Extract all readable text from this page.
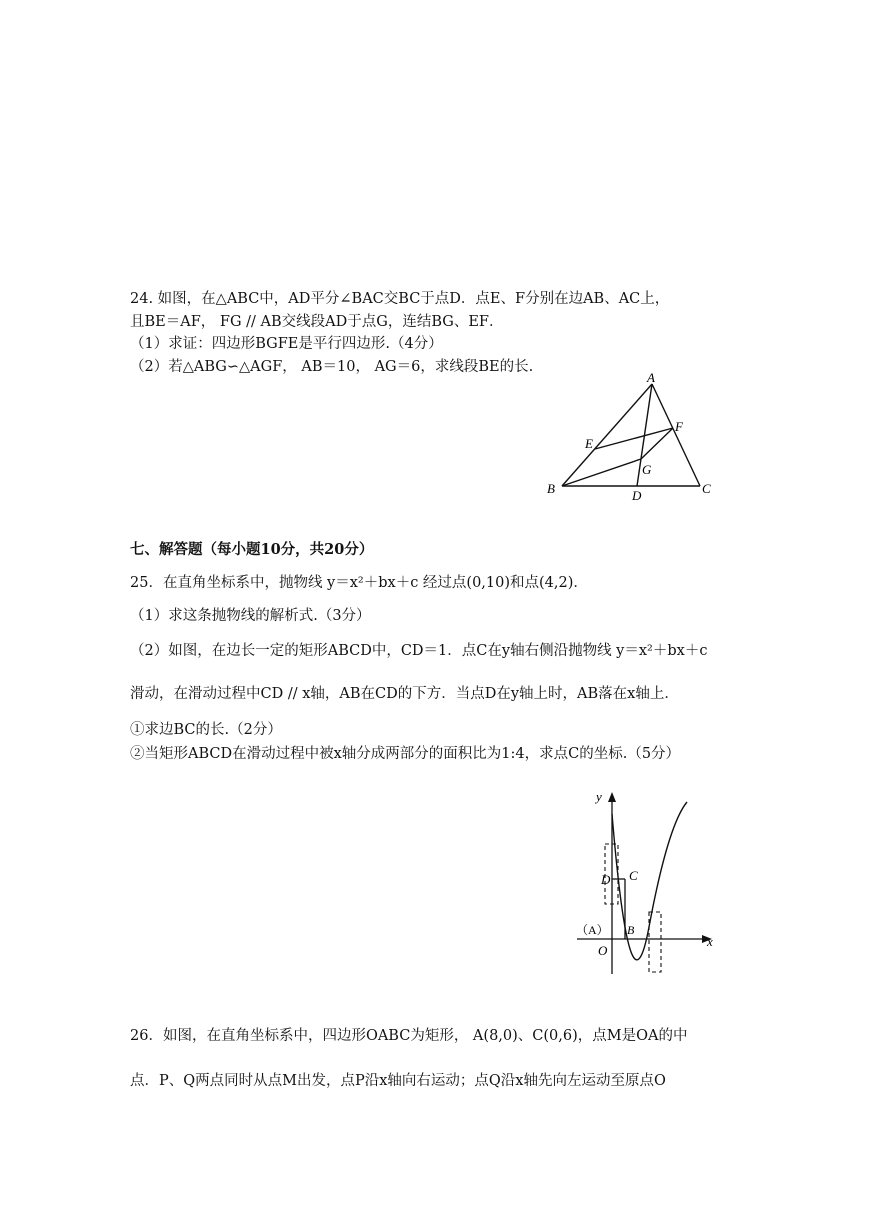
24. 如图，在△ABC中，AD平分∠BAC交BC于点D．点E、F分别在边AB、AC上，
且BE＝AF， FG // AB交线段AD于点G，连结BG、EF．
（1）求证：四边形BGFE是平行四边形.（4分）
（2）若△ABG∽△AGF， AB＝10， AG＝6，求线段BE的长.
A
B	C
D
E
F
G
七、解答题（每小题10分，共20分）
25．在直角坐标系中，抛物线 y＝x²＋bx＋c 经过点(0,10)和点(4,2)．
（1）求这条抛物线的解析式.（3分）
（2）如图，在边长一定的矩形ABCD中，CD＝1．点C在y轴右侧沿抛物线 y＝x²＋bx＋c
滑动，在滑动过程中CD // x轴，AB在CD的下方．当点D在y轴上时，AB落在x轴上．
①求边BC的长.（2分）
②当矩形ABCD在滑动过程中被x轴分成两部分的面积比为1:4，求点C的坐标.（5分）
y
x
O
C
D
B
（A）
26．如图，在直角坐标系中，四边形OABC为矩形， A(8,0)、C(0,6)，点M是OA的中
点．P、Q两点同时从点M出发，点P沿x轴向右运动；点Q沿x轴先向左运动至原点O
